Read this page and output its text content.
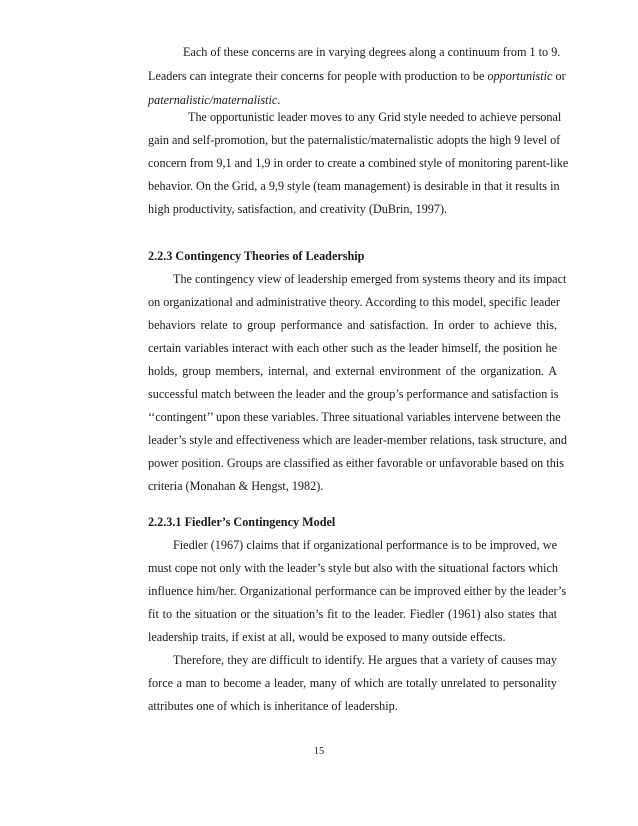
Each of these concerns are in varying degrees along a continuum from 1 to 9.
Leaders can integrate their concerns for people with production to be opportunistic or
paternalistic/maternalistic.
The opportunistic leader moves to any Grid style needed to achieve personal
gain and self-promotion, but the paternalistic/maternalistic adopts the high 9 level of
concern from 9,1 and 1,9 in order to create a combined style of monitoring parent-like
behavior. On the Grid, a 9,9 style (team management) is desirable in that it results in
high productivity, satisfaction, and creativity (DuBrin, 1997).
2.2.3 Contingency Theories of Leadership
The contingency view of leadership emerged from systems theory and its impact
on organizational and administrative theory. According to this model, specific leader
behaviors relate to group performance and satisfaction. In order to achieve this,
certain variables interact with each other such as the leader himself, the position he
holds, group members, internal, and external environment of the organization. A
successful match between the leader and the group’s performance and satisfaction is
‘‘contingent’’ upon these variables. Three situational variables intervene between the
leader’s style and effectiveness which are leader-member relations, task structure, and
power position. Groups are classified as either favorable or unfavorable based on this
criteria (Monahan & Hengst, 1982).
2.2.3.1 Fiedler’s Contingency Model
Fiedler (1967) claims that if organizational performance is to be improved, we
must cope not only with the leader’s style but also with the situational factors which
influence him/her. Organizational performance can be improved either by the leader’s
fit to the situation or the situation’s fit to the leader. Fiedler (1961) also states that
leadership traits, if exist at all, would be exposed to many outside effects.
Therefore, they are difficult to identify. He argues that a variety of causes may
force a man to become a leader, many of which are totally unrelated to personality
attributes one of which is inheritance of leadership.
15
